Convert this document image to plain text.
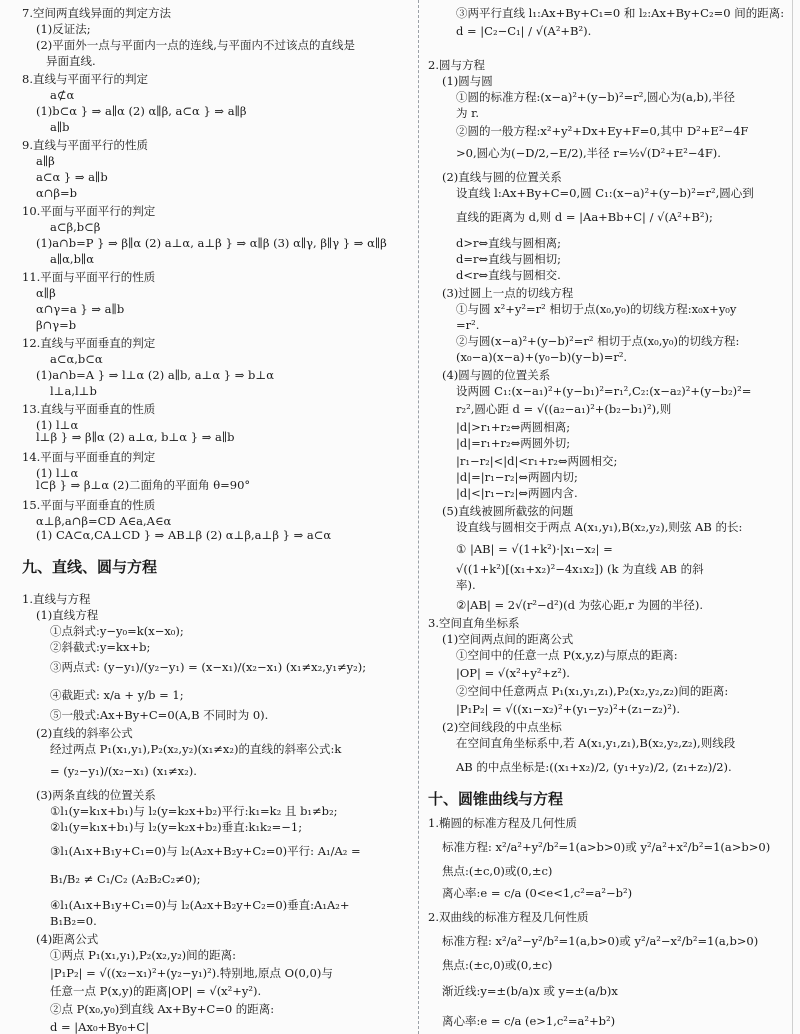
九、直线、圆与方程
7.空间两直线异面的判定方法
(1)反证法;
(2)平面外一点与平面内一点的连线,与平面内不过该点的直线是
异面直线.
8.直线与平面平行的判定
a⊄α
(1)b⊂α } ⇒ a∥α (2) α∥β, a⊂α } ⇒ a∥β
a∥b
9.直线与平面平行的性质
a∥β
a⊂α } ⇒ a∥b
α∩β=b
10.平面与平面平行的判定
a⊂β,b⊂β
(1)a∩b=P } ⇒ β∥α (2) a⊥α, a⊥β } ⇒ α∥β (3) α∥γ, β∥γ } ⇒ α∥β
a∥α,b∥α
11.平面与平面平行的性质
α∥β
α∩γ=a } ⇒ a∥b
β∩γ=b
12.直线与平面垂直的判定
a⊂α,b⊂α
(1)a∩b=A } ⇒ l⊥α (2) a∥b, a⊥α } ⇒ b⊥α
l⊥a,l⊥b
13.直线与平面垂直的性质
(1) l⊥α
l⊥β } ⇒ β∥α (2) a⊥α, b⊥α } ⇒ a∥b
14.平面与平面垂直的判定
(1) l⊥α
l⊂β } ⇒ β⊥α (2)二面角的平面角 θ=90°
15.平面与平面垂直的性质
α⊥β,a∩β=CD A∈a,A∈α
(1) CA⊂α,CA⊥CD } ⇒ AB⊥β (2) α⊥β,a⊥β } ⇒ a⊂α
1.直线与方程
(1)直线方程
①点斜式:y−y₀=k(x−x₀);
②斜截式:y=kx+b;
③两点式: (y−y₁)/(y₂−y₁) = (x−x₁)/(x₂−x₁) (x₁≠x₂,y₁≠y₂);
④截距式: x/a + y/b = 1;
⑤一般式:Ax+By+C=0(A,B 不同时为 0).
(2)直线的斜率公式
经过两点 P₁(x₁,y₁),P₂(x₂,y₂)(x₁≠x₂)的直线的斜率公式:k
= (y₂−y₁)/(x₂−x₁) (x₁≠x₂).
(3)两条直线的位置关系
①l₁(y=k₁x+b₁)与 l₂(y=k₂x+b₂)平行:k₁=k₂ 且 b₁≠b₂;
②l₁(y=k₁x+b₁)与 l₂(y=k₂x+b₂)垂直:k₁k₂=−1;
③l₁(A₁x+B₁y+C₁=0)与 l₂(A₂x+B₂y+C₂=0)平行: A₁/A₂ =
B₁/B₂ ≠ C₁/C₂ (A₂B₂C₂≠0);
④l₁(A₁x+B₁y+C₁=0)与 l₂(A₂x+B₂y+C₂=0)垂直:A₁A₂+
B₁B₂=0.
(4)距离公式
①两点 P₁(x₁,y₁),P₂(x₂,y₂)间的距离:
|P₁P₂| = √((x₂−x₁)²+(y₂−y₁)²).特别地,原点 O(0,0)与
任意一点 P(x,y)的距离|OP| = √(x²+y²).
②点 P(x₀,y₀)到直线 Ax+By+C=0 的距离:
d = |Ax₀+By₀+C|
十、圆锥曲线与方程
③两平行直线 l₁:Ax+By+C₁=0 和 l₂:Ax+By+C₂=0 间的距离:
d = |C₂−C₁| / √(A²+B²).
2.圆与方程
(1)圆与圆
①圆的标准方程:(x−a)²+(y−b)²=r²,圆心为(a,b),半径
为 r.
②圆的一般方程:x²+y²+Dx+Ey+F=0,其中 D²+E²−4F
>0,圆心为(−D/2,−E/2),半径 r=½√(D²+E²−4F).
(2)直线与圆的位置关系
设直线 l:Ax+By+C=0,圆 C₁:(x−a)²+(y−b)²=r²,圆心到
直线的距离为 d,则 d = |Aa+Bb+C| / √(A²+B²);
d>r⇔直线与圆相离;
d=r⇔直线与圆相切;
d<r⇔直线与圆相交.
(3)过圆上一点的切线方程
①与圆 x²+y²=r² 相切于点(x₀,y₀)的切线方程:x₀x+y₀y
=r².
②与圆(x−a)²+(y−b)²=r² 相切于点(x₀,y₀)的切线方程:
(x₀−a)(x−a)+(y₀−b)(y−b)=r².
(4)圆与圆的位置关系
设两圆 C₁:(x−a₁)²+(y−b₁)²=r₁²,C₂:(x−a₂)²+(y−b₂)²=
r₂²,圆心距 d = √((a₂−a₁)²+(b₂−b₁)²),则
|d|>r₁+r₂⇔两圆相离;
|d|=r₁+r₂⇔两圆外切;
|r₁−r₂|<|d|<r₁+r₂⇔两圆相交;
|d|=|r₁−r₂|⇔两圆内切;
|d|<|r₁−r₂|⇔两圆内含.
(5)直线被圆所截弦的问题
设直线与圆相交于两点 A(x₁,y₁),B(x₂,y₂),则弦 AB 的长:
① |AB| = √(1+k²)·|x₁−x₂| =
√((1+k²)[(x₁+x₂)²−4x₁x₂]) (k 为直线 AB 的斜
率).
②|AB| = 2√(r²−d²)(d 为弦心距,r 为圆的半径).
3.空间直角坐标系
(1)空间两点间的距离公式
①空间中的任意一点 P(x,y,z)与原点的距离:
|OP| = √(x²+y²+z²).
②空间中任意两点 P₁(x₁,y₁,z₁),P₂(x₂,y₂,z₂)间的距离:
|P₁P₂| = √((x₁−x₂)²+(y₁−y₂)²+(z₁−z₂)²).
(2)空间线段的中点坐标
在空间直角坐标系中,若 A(x₁,y₁,z₁),B(x₂,y₂,z₂),则线段
AB 的中点坐标是:((x₁+x₂)/2, (y₁+y₂)/2, (z₁+z₂)/2).
1.椭圆的标准方程及几何性质
标准方程: x²/a²+y²/b²=1(a>b>0)或 y²/a²+x²/b²=1(a>b>0)
焦点:(±c,0)或(0,±c)
离心率:e = c/a (0<e<1,c²=a²−b²)
2.双曲线的标准方程及几何性质
标准方程: x²/a²−y²/b²=1(a,b>0)或 y²/a²−x²/b²=1(a,b>0)
焦点:(±c,0)或(0,±c)
渐近线:y=±(b/a)x 或 y=±(a/b)x
离心率:e = c/a (e>1,c²=a²+b²)
